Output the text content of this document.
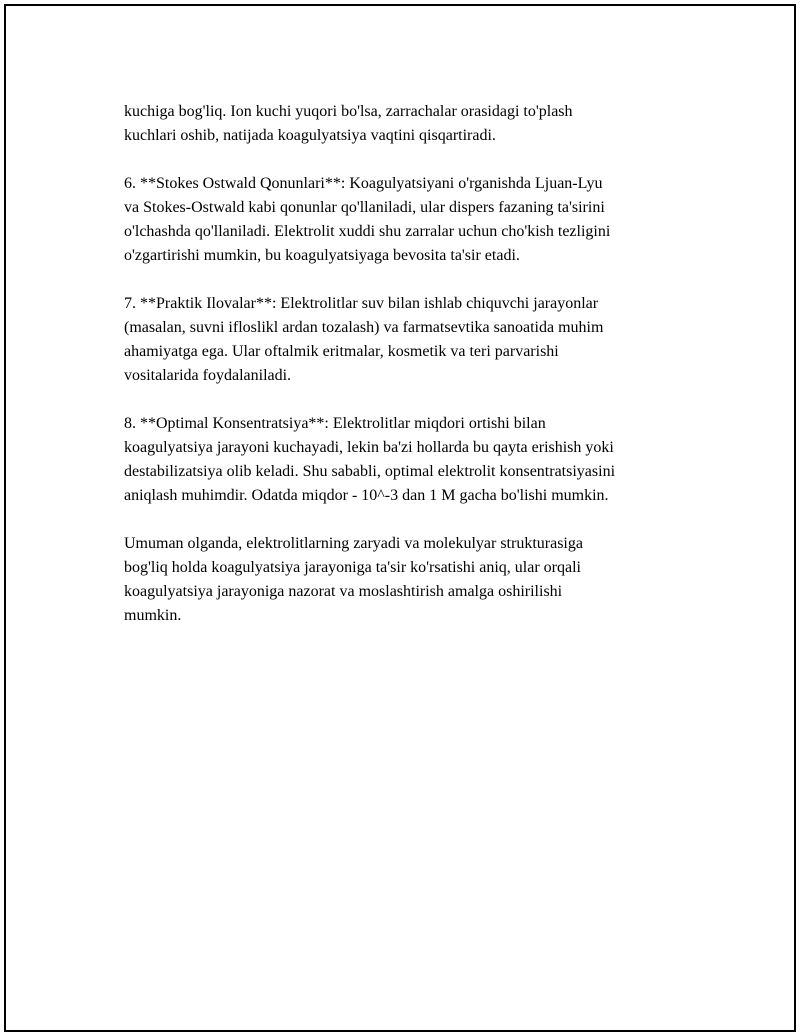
kuchiga bog'liq. Ion kuchi yuqori bo'lsa, zarrachalar orasidagi to'plash
kuchlari oshib, natijada koagulyatsiya vaqtini qisqartiradi.

6. **Stokes Ostwald Qonunlari**: Koagulyatsiyani o'rganishda Ljuan-Lyu
va Stokes-Ostwald kabi qonunlar qo'llaniladi, ular dispers fazaning ta'sirini
o'lchashda qo'llaniladi. Elektrolit xuddi shu zarralar uchun cho'kish tezligini
o'zgartirishi mumkin, bu koagulyatsiyaga bevosita ta'sir etadi.

7. **Praktik Ilovalar**: Elektrolitlar suv bilan ishlab chiquvchi jarayonlar
(masalan, suvni ifloslikl ardan tozalash) va farmatsevtika sanoatida muhim
ahamiyatga ega. Ular oftalmik eritmalar, kosmetik va teri parvarishi
vositalarida foydalaniladi.

8. **Optimal Konsentratsiya**: Elektrolitlar miqdori ortishi bilan
koagulyatsiya jarayoni kuchayadi, lekin ba'zi hollarda bu qayta erishish yoki
destabilizatsiya olib keladi. Shu sababli, optimal elektrolit konsentratsiyasini
aniqlash muhimdir. Odatda miqdor - 10^-3 dan 1 M gacha bo'lishi mumkin.

Umuman olganda, elektrolitlarning zaryadi va molekulyar strukturasiga
bog'liq holda koagulyatsiya jarayoniga ta'sir ko'rsatishi aniq, ular orqali
koagulyatsiya jarayoniga nazorat va moslashtirish amalga oshirilishi
mumkin.
